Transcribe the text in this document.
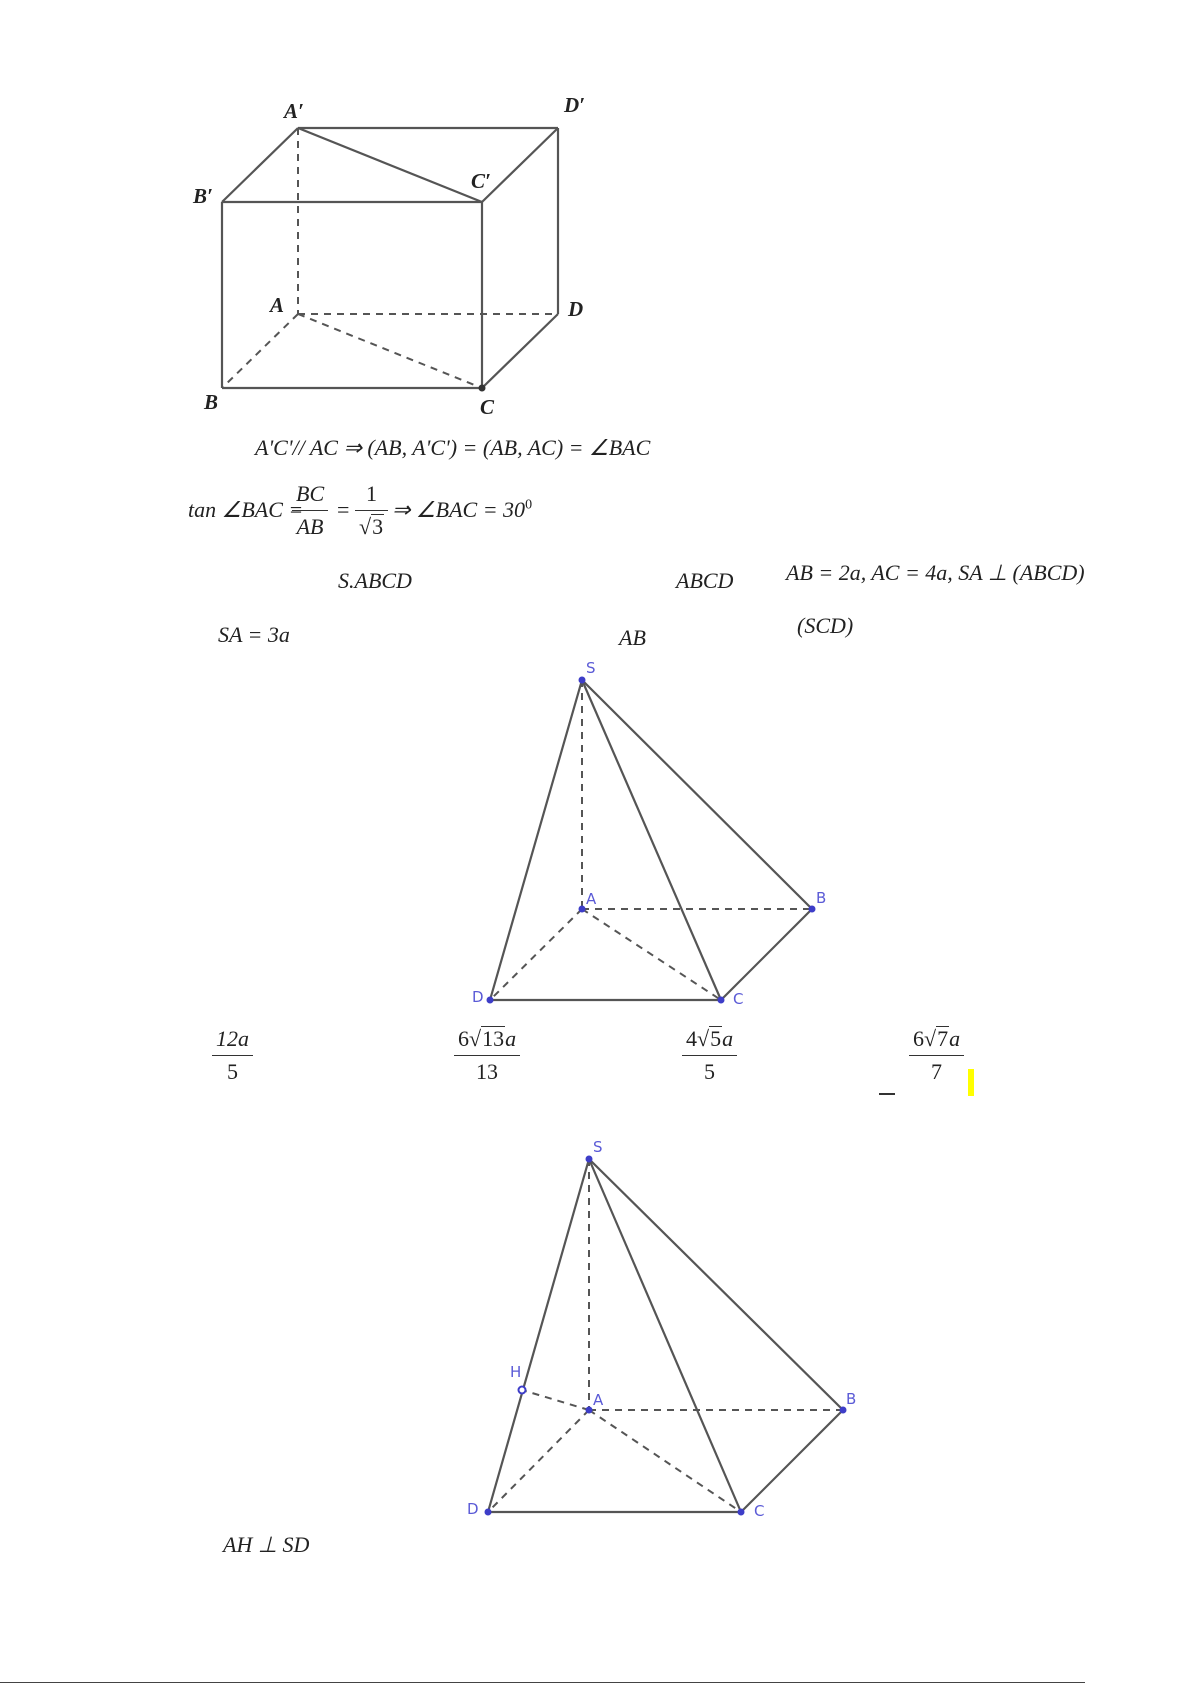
A′	D′
B′
C′
A	D
B	C
A'C'// AC ⇒ (AB, A'C') = (AB, AC) = ∠BAC
tan ∠BAC =
BC
AB
=
1
√3
⇒ ∠BAC = $30^0$
S.ABCD	ABCD AB = 2a, AC = 4a, SA ⊥ (ABCD)
SA = 3a	AB	(SCD)
S
A	B
C
D
12a
5
6√13a
13
4√5a
5
6√7a
7
S
H
A	B
C
D
AH ⊥ SD
